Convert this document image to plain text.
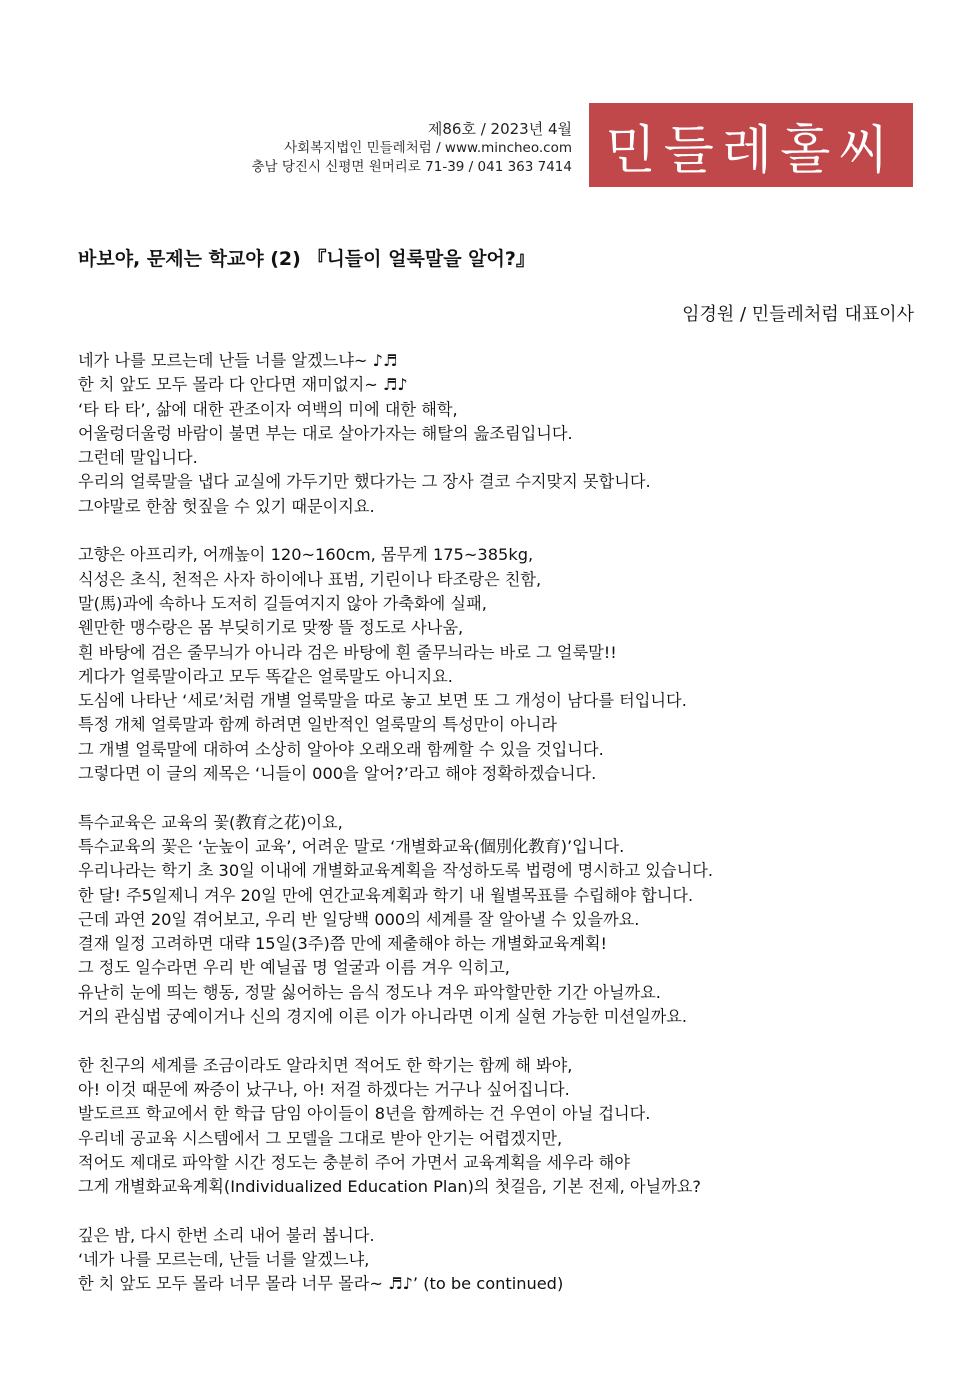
제86호 / 2023년 4월
사회복지법인 민들레처럼 / www.mincheo.com
충남 당진시 신평면 원머리로 71-39 / 041 363 7414 민들레홀씨
바보야, 문제는 학교야 (2) 『니들이 얼룩말을 알어?』
임경원 / 민들레처럼 대표이사

네가 나를 모르는데 난들 너를 알겠느냐~ ♪♬

한 치 앞도 모두 몰라 다 안다면 재미없지~ ♬♪

‘타 타 타’, 삶에 대한 관조이자 여백의 미에 대한 해학,

어울렁더울렁 바람이 불면 부는 대로 살아가자는 해탈의 읊조림입니다.

그런데 말입니다.

우리의 얼룩말을 냅다 교실에 가두기만 했다가는 그 장사 결코 수지맞지 못합니다.

그야말로 한참 헛짚을 수 있기 때문이지요.

고향은 아프리카, 어깨높이 120~160cm, 몸무게 175~385kg,

식성은 초식, 천적은 사자 하이에나 표범, 기린이나 타조랑은 친함,

말(馬)과에 속하나 도저히 길들여지지 않아 가축화에 실패,

웬만한 맹수랑은 몸 부딪히기로 맞짱 뜰 정도로 사나움,

흰 바탕에 검은 줄무늬가 아니라 검은 바탕에 흰 줄무늬라는 바로 그 얼룩말!!

게다가 얼룩말이라고 모두 똑같은 얼룩말도 아니지요.

도심에 나타난 ‘세로’처럼 개별 얼룩말을 따로 놓고 보면 또 그 개성이 남다를 터입니다.

특정 개체 얼룩말과 함께 하려면 일반적인 얼룩말의 특성만이 아니라

그 개별 얼룩말에 대하여 소상히 알아야 오래오래 함께할 수 있을 것입니다.

그렇다면 이 글의 제목은 ‘니들이 000을 알어?’라고 해야 정확하겠습니다.

특수교육은 교육의 꽃(教育之花)이요,

특수교육의 꽃은 ‘눈높이 교육’, 어려운 말로 ‘개별화교육(個別化教育)’입니다.

우리나라는 학기 초 30일 이내에 개별화교육계획을 작성하도록 법령에 명시하고 있습니다.

한 달! 주5일제니 겨우 20일 만에 연간교육계획과 학기 내 월별목표를 수립해야 합니다.

근데 과연 20일 겪어보고, 우리 반 일당백 000의 세계를 잘 알아낼 수 있을까요.

결재 일정 고려하면 대략 15일(3주)쯤 만에 제출해야 하는 개별화교육계획!

그 정도 일수라면 우리 반 예닐곱 명 얼굴과 이름 겨우 익히고,

유난히 눈에 띄는 행동, 정말 싫어하는 음식 정도나 겨우 파악할만한 기간 아닐까요.

거의 관심법 궁예이거나 신의 경지에 이른 이가 아니라면 이게 실현 가능한 미션일까요.

한 친구의 세계를 조금이라도 알라치면 적어도 한 학기는 함께 해 봐야,

아! 이것 때문에 짜증이 났구나, 아! 저걸 하겠다는 거구나 싶어집니다.

발도르프 학교에서 한 학급 담임 아이들이 8년을 함께하는 건 우연이 아닐 겁니다.

우리네 공교육 시스템에서 그 모델을 그대로 받아 안기는 어렵겠지만,

적어도 제대로 파악할 시간 정도는 충분히 주어 가면서 교육계획을 세우라 해야

그게 개별화교육계획(Individualized Education Plan)의 첫걸음, 기본 전제, 아닐까요?

깊은 밤, 다시 한번 소리 내어 불러 봅니다.

‘네가 나를 모르는데, 난들 너를 알겠느냐,

한 치 앞도 모두 몰라 너무 몰라 너무 몰라~ ♬♪’ (to be continued)
